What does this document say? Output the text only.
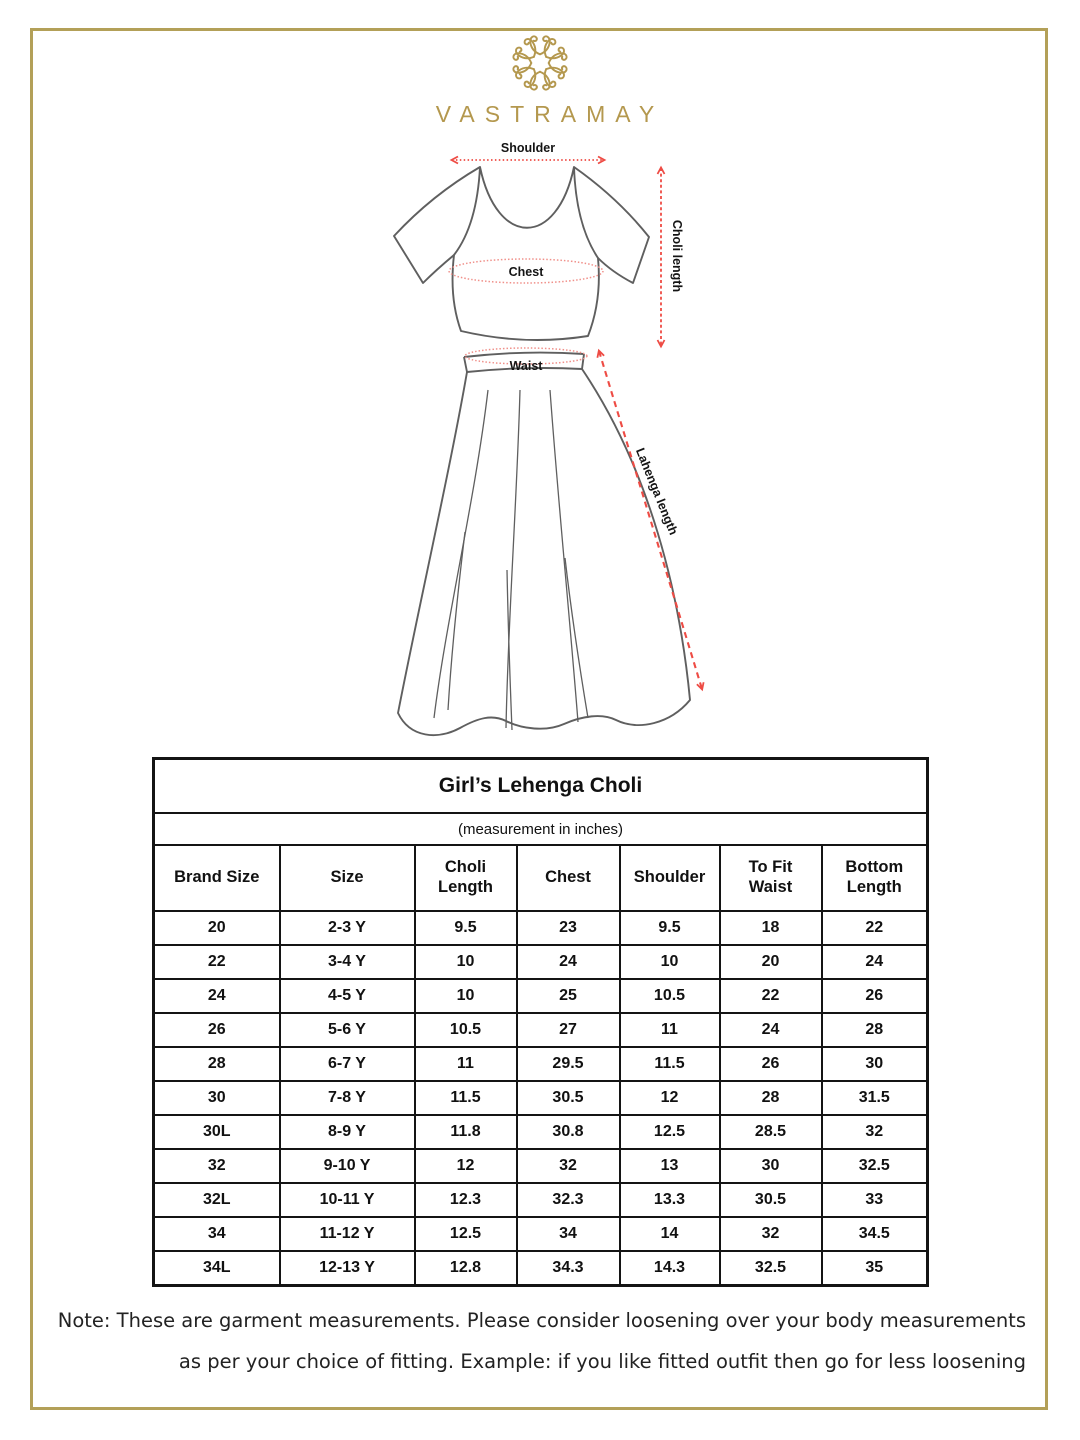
VASTRAMAY
Shoulder
Chest	Choli length
Waist
Lahenga length
Girl’s Lehenga Choli						
(measurement in inches)						
Brand Size	Size	Choli Length	Chest	Shoulder	To Fit Waist	Bottom Length
20	2-3 Y	9.5	23	9.5	18	22
22	3-4 Y	10	24	10	20	24
24	4-5 Y	10	25	10.5	22	26
26	5-6 Y	10.5	27	11	24	28
28	6-7 Y	11	29.5	11.5	26	30
30	7-8 Y	11.5	30.5	12	28	31.5
30L	8-9 Y	11.8	30.8	12.5	28.5	32
32	9-10 Y	12	32	13	30	32.5
32L	10-11 Y	12.3	32.3	13.3	30.5	33
34	11-12 Y	12.5	34	14	32	34.5
34L	12-13 Y	12.8	34.3	14.3	32.5	35
Note: These are garment measurements. Please consider loosening over your body measurements
as per your choice of fitting. Example: if you like fitted outfit then go for less loosening
